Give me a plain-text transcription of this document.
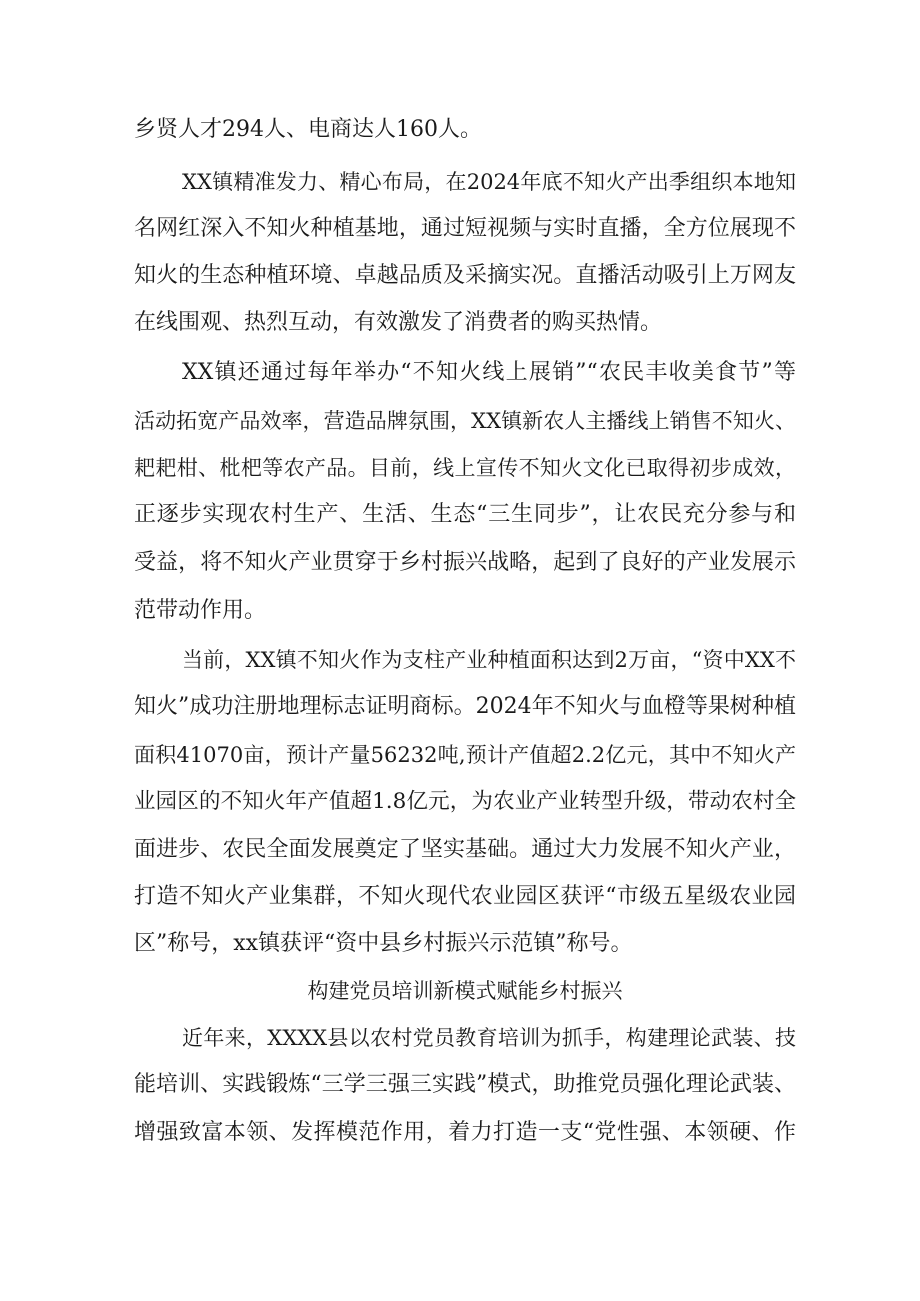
乡贤人才294人、电商达人160人。
XX镇精准发力、精心布局，在2024年底不知火产出季组织本地知
名网红深入不知火种植基地，通过短视频与实时直播，全方位展现不
知火的生态种植环境、卓越品质及采摘实况。直播活动吸引上万网友
在线围观、热烈互动，有效激发了消费者的购买热情。
XX镇还通过每年举办“不知火线上展销”“农民丰收美食节”等
活动拓宽产品效率，营造品牌氛围，XX镇新农人主播线上销售不知火、
耙耙柑、枇杷等农产品。目前，线上宣传不知火文化已取得初步成效，
正逐步实现农村生产、生活、生态“三生同步”，让农民充分参与和
受益，将不知火产业贯穿于乡村振兴战略，起到了良好的产业发展示
范带动作用。
当前，XX镇不知火作为支柱产业种植面积达到2万亩，“资中XX不
知火”成功注册地理标志证明商标。2024年不知火与血橙等果树种植
面积41070亩，预计产量56232吨,预计产值超2.2亿元，其中不知火产
业园区的不知火年产值超1.8亿元，为农业产业转型升级，带动农村全
面进步、农民全面发展奠定了坚实基础。通过大力发展不知火产业，
打造不知火产业集群，不知火现代农业园区获评“市级五星级农业园
区”称号，xx镇获评“资中县乡村振兴示范镇”称号。
构建党员培训新模式赋能乡村振兴
近年来，XXXX县以农村党员教育培训为抓手，构建理论武装、技
能培训、实践锻炼“三学三强三实践”模式，助推党员强化理论武装、
增强致富本领、发挥模范作用，着力打造一支“党性强、本领硬、作
